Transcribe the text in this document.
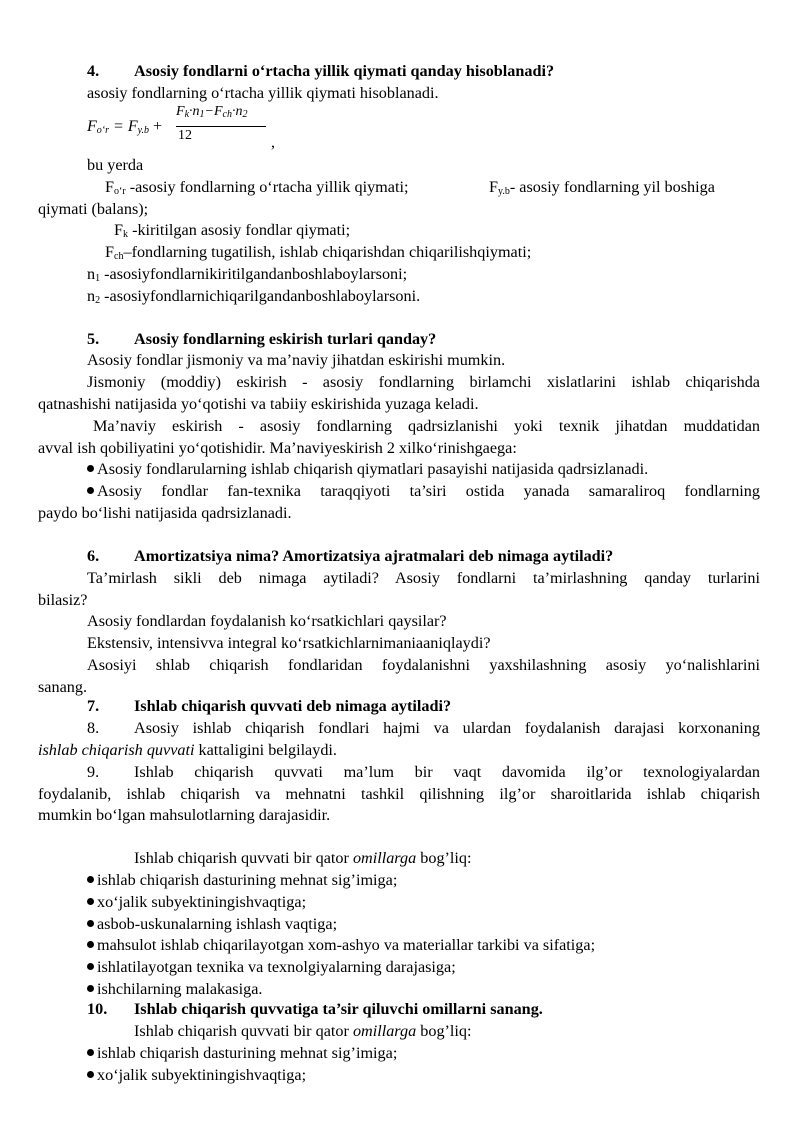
4. Asosiy fondlarni o‘rtacha yillik qiymati qanday hisoblanadi?
asosiy fondlarning o‘rtacha yillik qiymati hisoblanadi.
$F_{o‘r} = F_{y.b}$ +
$F_k\cdot n_1-F_{ch}\cdot n_2$
12	,
bu yerda
$F_{o‘r}$ -asosiy fondlarning o‘rtacha yillik qiymati;	$F_{y.b}-$ asosiy fondlarning yil boshiga
qiymati (balans);
$F_k$ -kiritilgan asosiy fondlar qiymati;
$F_{ch}$–fondlarning tugatilish, ishlab chiqarishdan chiqarilishqiymati;
$n_1$ -asosiyfondlarnikiritilgandanboshlaboylarsoni;
$n_2$ -asosiyfondlarnichiqarilgandanboshlaboylarsoni.
5. Asosiy fondlarning eskirish turlari qanday?
Asosiy fondlar jismoniy va ma’naviy jihatdan eskirishi mumkin.
Jismoniy (moddiy) eskirish - asosiy fondlarning birlamchi xislatlarini ishlab chiqarishda
qatnashishi natijasida yo‘qotishi va tabiiy eskirishida yuzaga keladi.
Ma’naviy eskirish - asosiy fondlarning qadrsizlanishi yoki texnik jihatdan muddatidan
avval ish qobiliyatini yo‘qotishidir. Ma’naviyeskirish 2 xilko‘rinishgaega:
Asosiy fondlarulаrning ishlab chiqarish qiymatlari pasayishi natijasida qadrsizlanadi.
Asosiy fondlar fan-texnika taraqqiyoti ta’siri ostida yanada samaraliroq fondlarning
paydo bo‘lishi natijasida qadrsizlanadi.
6. Amortizatsiya nima? Amortizatsiya ajratmalari deb nimaga aytiladi?
Ta’mirlash sikli deb nimaga aytiladi? Asosiy fondlarni ta’mirlashning qanday turlarini
bilasiz?
Asosiy fondlardan foydalanish ko‘rsatkichlari qaysilar?
Ekstensiv, intensivva integral ko‘rsatkichlarnimaniaaniqlaydi?
Asosiyi shlab chiqarish fondlaridan foydalanishni yaxshilashning asosiy yo‘nalishlarini
sanang.
7. Ishlab chiqarish quvvati deb nimaga aytiladi?
8. Asosiy ishlab chiqarish fondlari hajmi va ulardan foydalanish darajasi korxonaning
ishlab chiqarish quvvati kattaligini belgilaydi.
9. Ishlab chiqarish quvvati ma’lum bir vaqt davomida ilg’or texnologiyalardan
foydalanib, ishlab chiqarish va mehnatni tashkil qilishning ilg’or sharoitlarida ishlab chiqarish
mumkin bo‘lgan mahsulotlarning darajasidir.
Ishlab chiqarish quvvati bir qator omillarga bog’liq:
ishlab chiqarish dasturining mehnat sig’imiga;
xo‘jalik subyektiningishvaqtiga;
asbob-uskunalarning ishlash vaqtiga;
mahsulot ishlab chiqarilayotgan xom-ashyo va materiallar tarkibi va sifatiga;
ishlatilayotgan texnika va texnolgiyalarning darajasiga;
ishchilarning malakasiga.
10. Ishlab chiqarish quvvatiga ta’sir qiluvchi omillarni sanang.
Ishlab chiqarish quvvati bir qator omillarga bog’liq:
ishlab chiqarish dasturining mehnat sig’imiga;
xo‘jalik subyektiningishvaqtiga;
